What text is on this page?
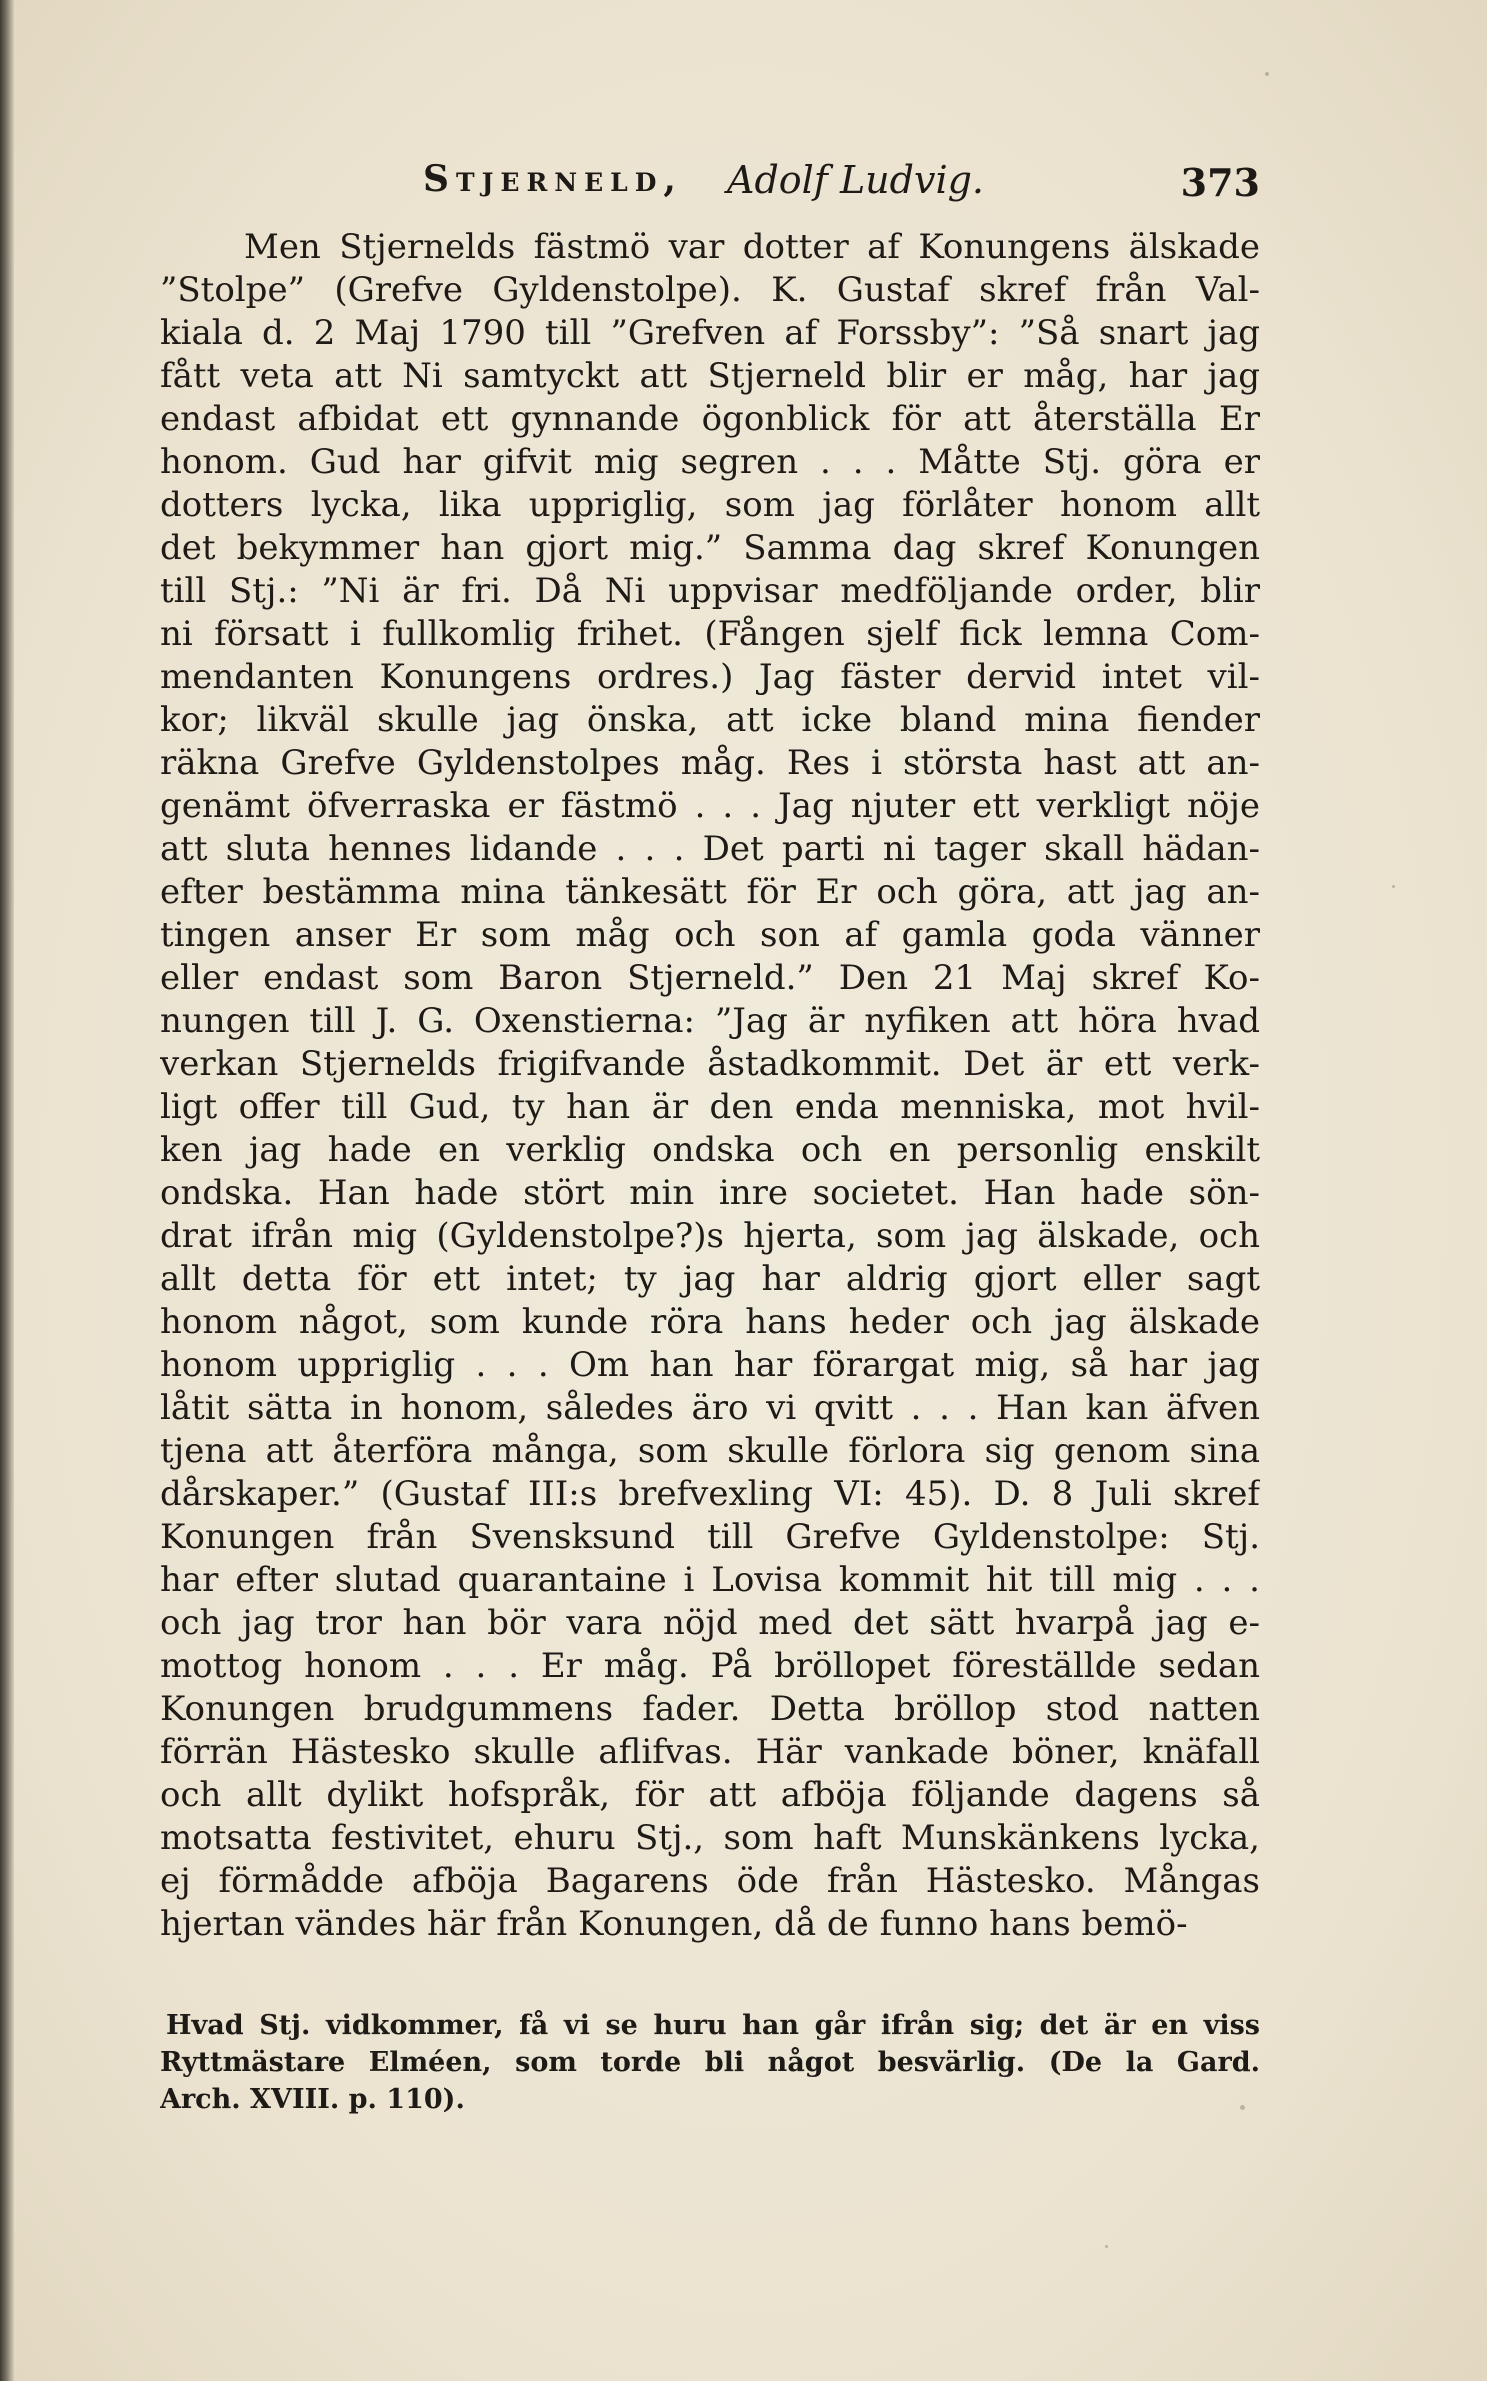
Stjerneld, Adolf Ludvig.	373
Men Stjernelds fästmö var dotter af Konungens älskade
”Stolpe” (Grefve Gyldenstolpe). K. Gustaf skref från Val-
kiala d. 2 Maj 1790 till ”Grefven af Forssby”: ”Så snart jag
fått veta att Ni samtyckt att Stjerneld blir er måg, har jag
endast afbidat ett gynnande ögonblick för att återställa Er
honom. Gud har gifvit mig segren . . . Måtte Stj. göra er
dotters lycka, lika uppriglig, som jag förlåter honom allt
det bekymmer han gjort mig.” Samma dag skref Konungen
till Stj.: ”Ni är fri. Då Ni uppvisar medföljande order, blir
ni försatt i fullkomlig frihet. (Fången sjelf fick lemna Com-
mendanten Konungens ordres.) Jag fäster dervid intet vil-
kor; likväl skulle jag önska, att icke bland mina fiender
räkna Grefve Gyldenstolpes måg. Res i största hast att an-
genämt öfverraska er fästmö . . . Jag njuter ett verkligt nöje
att sluta hennes lidande . . . Det parti ni tager skall hädan-
efter bestämma mina tänkesätt för Er och göra, att jag an-
tingen anser Er som måg och son af gamla goda vänner
eller endast som Baron Stjerneld.” Den 21 Maj skref Ko-
nungen till J. G. Oxenstierna: ”Jag är nyfiken att höra hvad
verkan Stjernelds frigifvande åstadkommit. Det är ett verk-
ligt offer till Gud, ty han är den enda menniska, mot hvil-
ken jag hade en verklig ondska och en personlig enskilt
ondska. Han hade stört min inre societet. Han hade sön-
drat ifrån mig (Gyldenstolpe?)s hjerta, som jag älskade, och
allt detta för ett intet; ty jag har aldrig gjort eller sagt
honom något, som kunde röra hans heder och jag älskade
honom uppriglig . . . Om han har förargat mig, så har jag
låtit sätta in honom, således äro vi qvitt . . . Han kan äfven
tjena att återföra många, som skulle förlora sig genom sina
dårskaper.” (Gustaf III:s brefvexling VI: 45). D. 8 Juli skref
Konungen från Svensksund till Grefve Gyldenstolpe: Stj.
har efter slutad quarantaine i Lovisa kommit hit till mig . . .
och jag tror han bör vara nöjd med det sätt hvarpå jag e-
mottog honom . . . Er måg. På bröllopet föreställde sedan
Konungen brudgummens fader. Detta bröllop stod natten
förrän Hästesko skulle aflifvas. Här vankade böner, knäfall
och allt dylikt hofspråk, för att afböja följande dagens så
motsatta festivitet, ehuru Stj., som haft Munskänkens lycka,
ej förmådde afböja Bagarens öde från Hästesko. Mångas
hjertan vändes här från Konungen, då de funno hans bemö-
Hvad Stj. vidkommer, få vi se huru han går ifrån sig; det är en viss
Ryttmästare Elméen, som torde bli något besvärlig. (De la Gard.
Arch. XVIII. p. 110).
